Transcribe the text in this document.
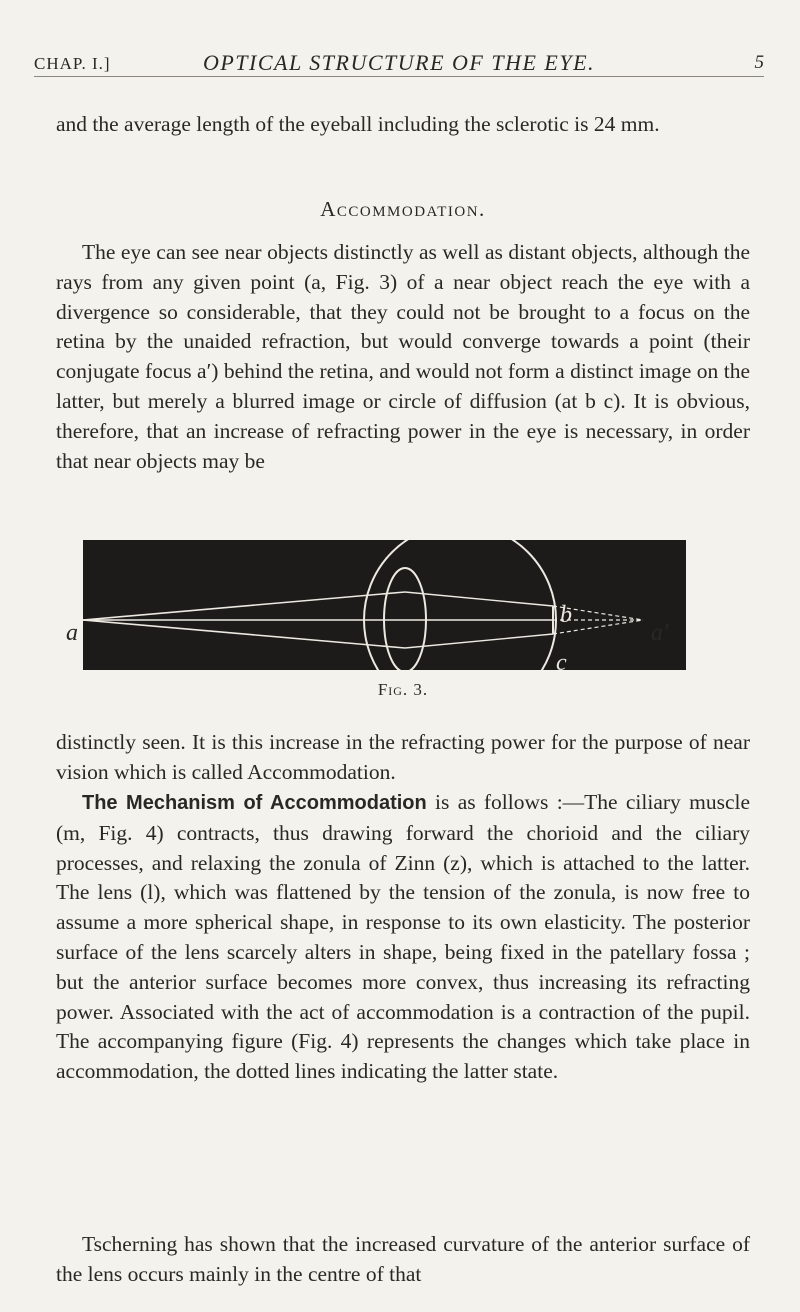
CHAP. I.]	OPTICAL STRUCTURE OF THE EYE.	5

and the average length of the eyeball including the sclerotic is 24 mm.

Accommodation.

The eye can see near objects distinctly as well as distant objects, although the rays from any given point (a, Fig. 3) of a near object reach the eye with a divergence so considerable, that they could not be brought to a focus on the retina by the unaided refraction, but would converge towards a point (their conjugate focus a′) behind the retina, and would not form a distinct image on the latter, but merely a blurred image or circle of diffusion (at b c). It is obvious, therefore, that an increase of refracting power in the eye is necessary, in order that near objects may be

a	a′
b
c
Fig. 3.

distinctly seen. It is this increase in the refracting power for the purpose of near vision which is called Accommodation.

The Mechanism of Accommodation is as follows :—The ciliary muscle (m, Fig. 4) contracts, thus drawing forward the chorioid and the ciliary processes, and relaxing the zonula of Zinn (z), which is attached to the latter. The lens (l), which was flattened by the tension of the zonula, is now free to assume a more spherical shape, in response to its own elasticity. The posterior surface of the lens scarcely alters in shape, being fixed in the patellary fossa ; but the anterior surface becomes more convex, thus increasing its refracting power. Associated with the act of accommodation is a contraction of the pupil. The accompanying figure (Fig. 4) represents the changes which take place in accommodation, the dotted lines indicating the latter state.

Tscherning has shown that the increased curvature of the anterior surface of the lens occurs mainly in the centre of that
